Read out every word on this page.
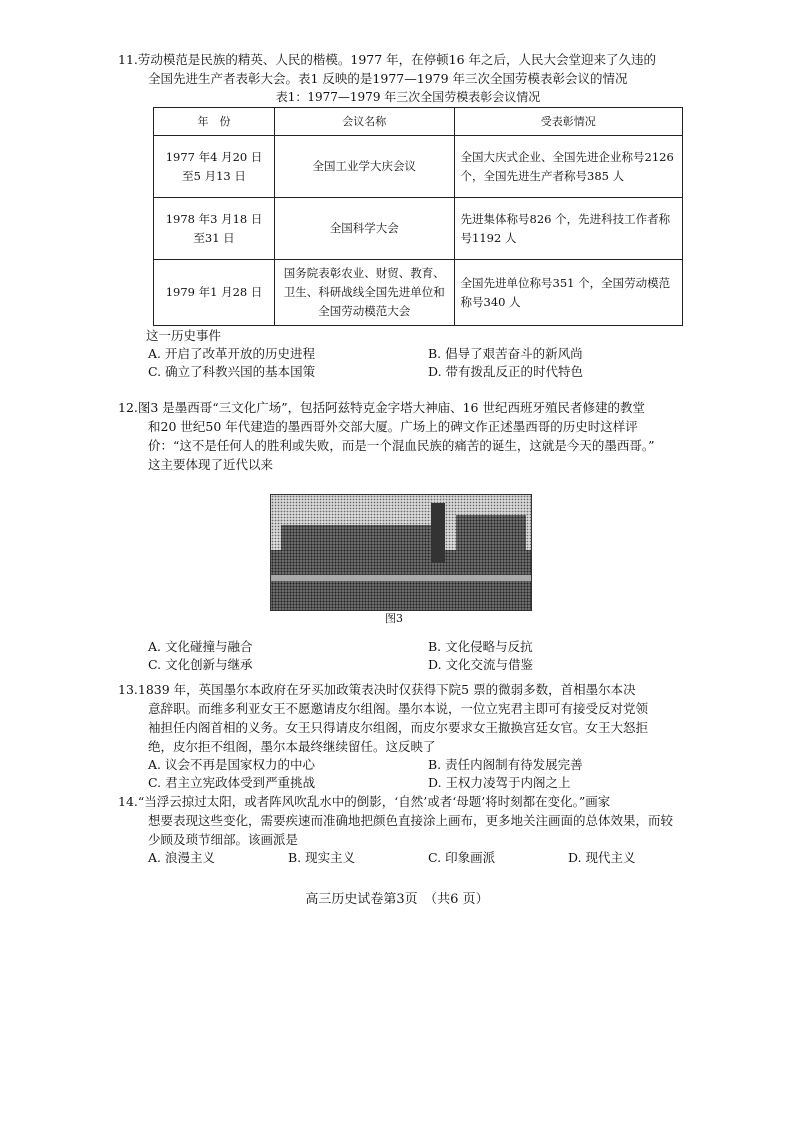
11.劳动模范是民族的精英、人民的楷模。1977 年，在停顿16 年之后，人民大会堂迎来了久违的

全国先进生产者表彰大会。表1 反映的是1977—1979 年三次全国劳模表彰会议的情况

表1：1977—1979 年三次全国劳模表彰会议情况

年　份	会议名称	受表彰情况
1977 年4 月20 日至5 月13 日	全国工业学大庆会议	全国大庆式企业、全国先进企业称号2126 个，全国先进生产者称号385 人
1978 年3 月18 日至31 日	全国科学大会	先进集体称号826 个，先进科技工作者称号1192 人
1979 年1 月28 日	国务院表彰农业、财贸、教育、卫生、科研战线全国先进单位和全国劳动模范大会	全国先进单位称号351 个，全国劳动模范称号340 人

这一历史事件

A. 开启了改革开放的历史进程	B. 倡导了艰苦奋斗的新风尚
C. 确立了科教兴国的基本国策	D. 带有拨乱反正的时代特色

12.图3 是墨西哥“三文化广场”，包括阿兹特克金字塔大神庙、16 世纪西班牙殖民者修建的教堂

和20 世纪50 年代建造的墨西哥外交部大厦。广场上的碑文作正述墨西哥的历史时这样评

价：“这不是任何人的胜利或失败，而是一个混血民族的痛苦的诞生，这就是今天的墨西哥。”

这主要体现了近代以来

图3
A. 文化碰撞与融合	B. 文化侵略与反抗
C. 文化创新与继承	D. 文化交流与借鉴

13.1839 年，英国墨尔本政府在牙买加政策表决时仅获得下院5 票的微弱多数，首相墨尔本决

意辞职。而维多利亚女王不愿邀请皮尔组阁。墨尔本说，一位立宪君主即可有接受反对党领

袖担任内阁首相的义务。女王只得请皮尔组阁，而皮尔要求女王撤换宫廷女官。女王大怒拒

绝，皮尔拒不组阁，墨尔本最终继续留任。这反映了

A. 议会不再是国家权力的中心	B. 责任内阁制有待发展完善
C. 君主立宪政体受到严重挑战	D. 王权力凌驾于内阁之上

14.“当浮云掠过太阳，或者阵风吹乱水中的倒影，‘自然’或者‘母题’将时刻都在变化。”画家

想要表现这些变化，需要疾速而准确地把颜色直接涂上画布，更多地关注画面的总体效果，而较

少顾及琐节细部。该画派是

A. 浪漫主义	B. 现实主义	C. 印象画派	D. 现代主义
高三历史试卷第3页　（共6 页）
